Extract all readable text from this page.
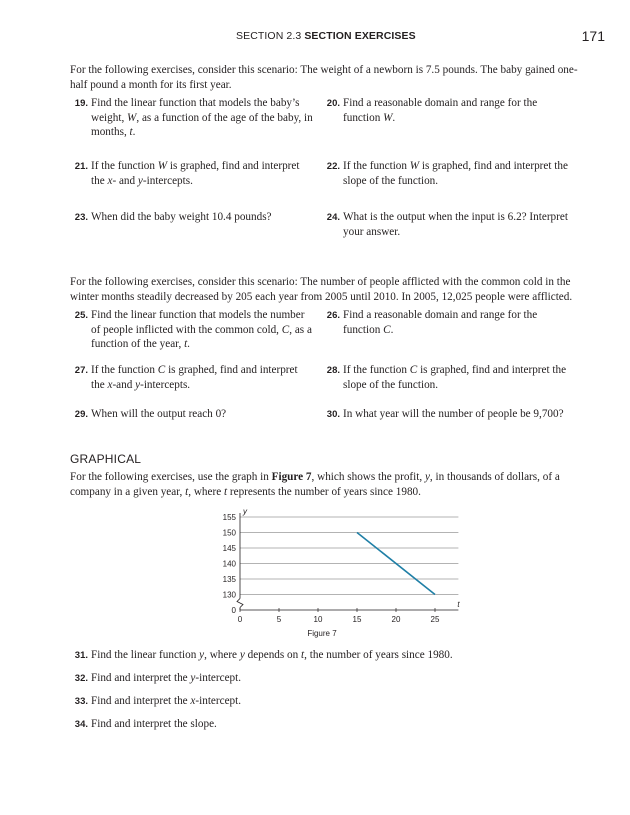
SECTION 2.3 SECTION EXERCISES	171
For the following exercises, consider this scenario: The weight of a newborn is 7.5 pounds. The baby gained one-half pound a month for its first year.
19. Find the linear function that models the baby’s weight, W, as a function of the age of the baby, in months, t.
20. Find a reasonable domain and range for the function W.
21. If the function W is graphed, find and interpret the x- and y-intercepts.
22. If the function W is graphed, find and interpret the slope of the function.
23. When did the baby weight 10.4 pounds?	24. What is the output when the input is 6.2? Interpret your answer.
For the following exercises, consider this scenario: The number of people afflicted with the common cold in the winter months steadily decreased by 205 each year from 2005 until 2010. In 2005, 12,025 people were afflicted.
25. Find the linear function that models the number of people inflicted with the common cold, C, as a function of the year, t.
26. Find a reasonable domain and range for the function C.
27. If the function C is graphed, find and interpret the x-and y-intercepts.
28. If the function C is graphed, find and interpret the slope of the function.
29. When will the output reach 0?	30. In what year will the number of people be 9,700?
GRAPHICAL
For the following exercises, use the graph in Figure 7, which shows the profit, y, in thousands of dollars, of a company in a given year, t, where t represents the number of years since 1980.
0
130
135
140
145
150
155
0	5	10	15	20	25
y
t
Figure 7
31. Find the linear function y, where y depends on t, the number of years since 1980.
32. Find and interpret the y-intercept.
33. Find and interpret the x-intercept.
34. Find and interpret the slope.
